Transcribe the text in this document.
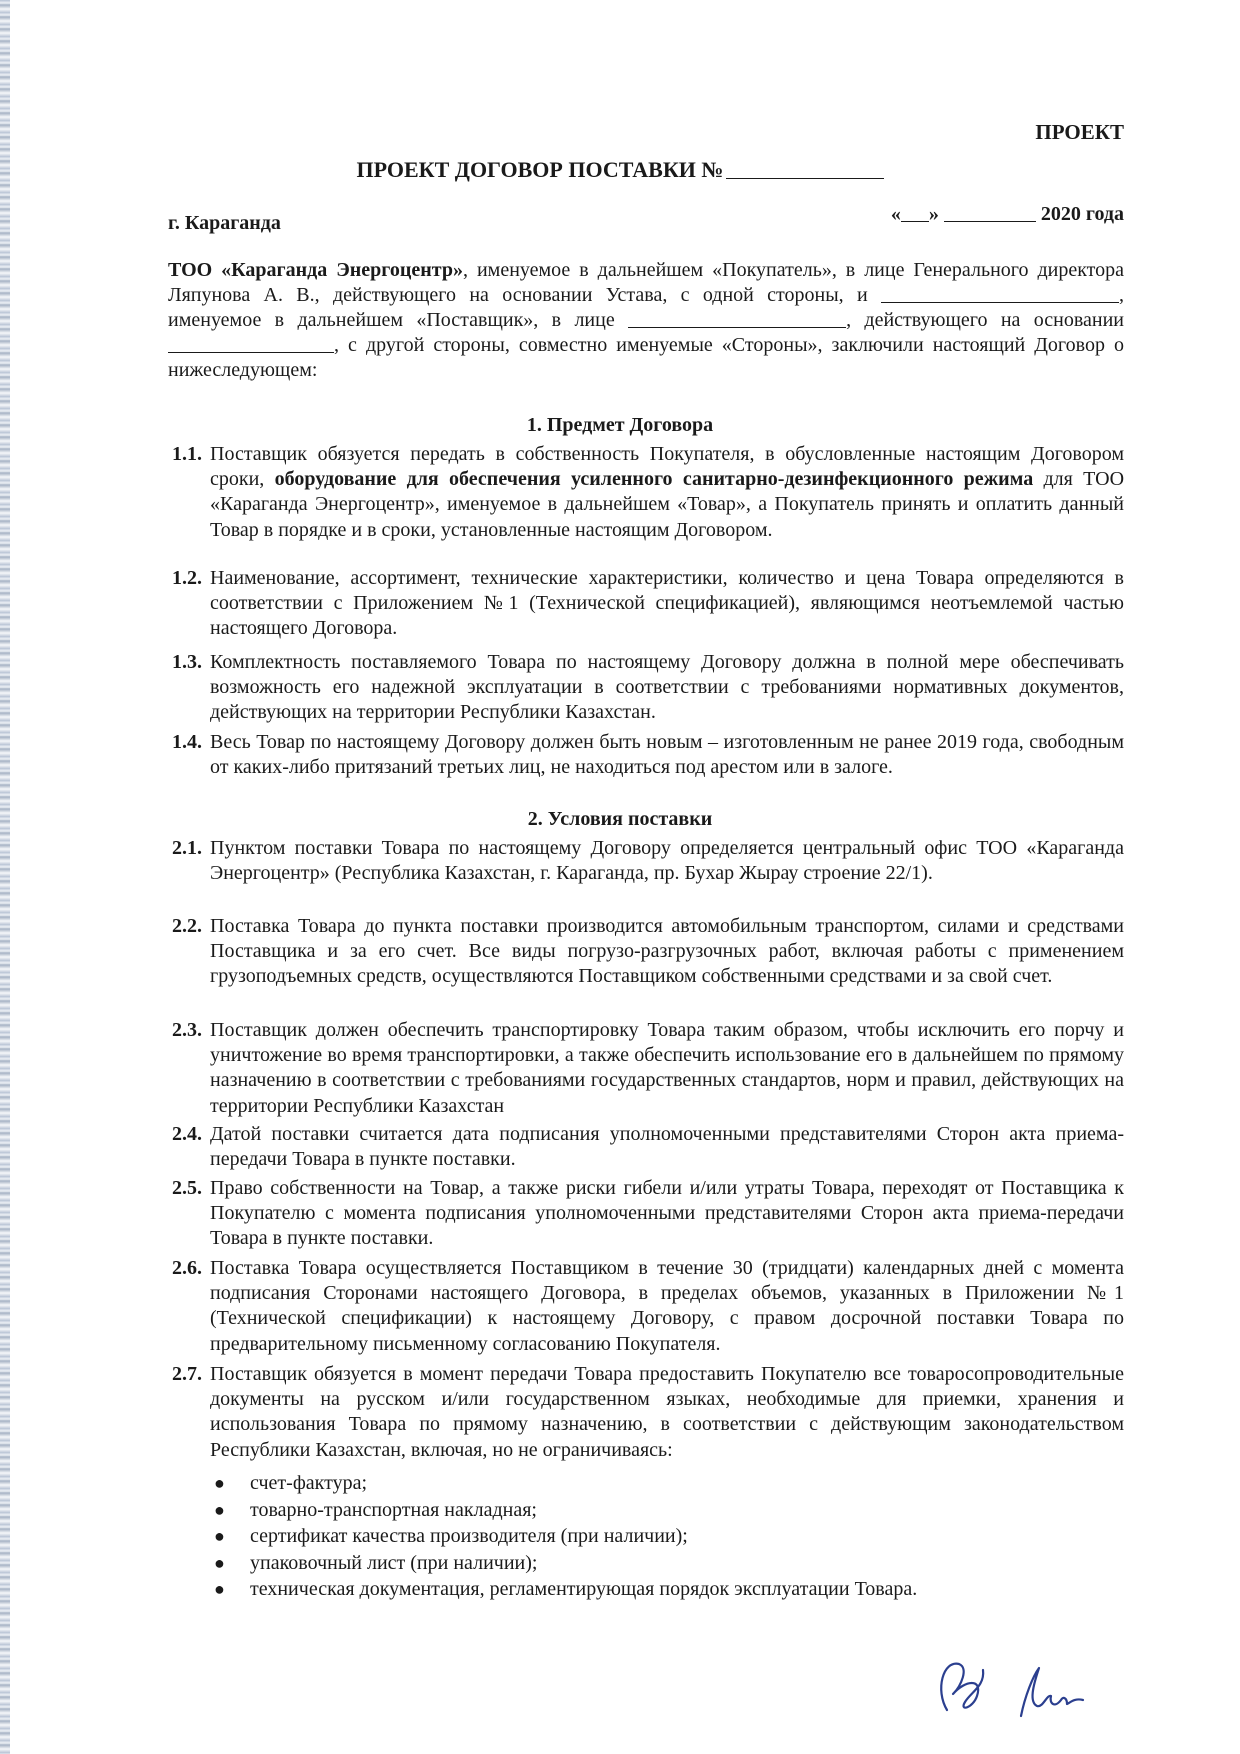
ПРОЕКТ
ПРОЕКТ ДОГОВОР ПОСТАВКИ №
г. Караганда	« »	2020 года
ТОО «Караганда Энергоцентр», именуемое в дальнейшем «Покупатель», в лице Генерального директора Ляпунова А. В., действующего на основании Устава, с одной стороны, и	, именуемое в дальнейшем «Поставщик», в лице	, действующего на основании , с другой стороны, совместно именуемые «Стороны», заключили настоящий Договор о нижеследующем:
1. Предмет Договора
1.1. Поставщик обязуется передать в собственность Покупателя, в обусловленные настоящим Договором сроки, оборудование для обеспечения усиленного санитарно-дезинфекционного режима для ТОО «Караганда Энергоцентр», именуемое в дальнейшем «Товар», а Покупатель принять и оплатить данный Товар в порядке и в сроки, установленные настоящим Договором.
1.2. Наименование, ассортимент, технические характеристики, количество и цена Товара определяются в соответствии с Приложением №1 (Технической спецификацией), являющимся неотъемлемой частью настоящего Договора.
1.3. Комплектность поставляемого Товара по настоящему Договору должна в полной мере обеспечивать возможность его надежной эксплуатации в соответствии с требованиями нормативных документов, действующих на территории Республики Казахстан.
1.4. Весь Товар по настоящему Договору должен быть новым – изготовленным не ранее 2019 года, свободным от каких-либо притязаний третьих лиц, не находиться под арестом или в залоге.
2. Условия поставки
2.1. Пунктом поставки Товара по настоящему Договору определяется центральный офис ТОО «Караганда Энергоцентр» (Республика Казахстан, г. Караганда, пр. Бухар Жырау строение 22/1).
2.2. Поставка Товара до пункта поставки производится автомобильным транспортом, силами и средствами Поставщика и за его счет. Все виды погрузо-разгрузочных работ, включая работы с применением грузоподъемных средств, осуществляются Поставщиком собственными средствами и за свой счет.
2.3. Поставщик должен обеспечить транспортировку Товара таким образом, чтобы исключить его порчу и уничтожение во время транспортировки, а также обеспечить использование его в дальнейшем по прямому назначению в соответствии с требованиями государственных стандартов, норм и правил, действующих на территории Республики Казахстан
2.4. Датой поставки считается дата подписания уполномоченными представителями Сторон акта приема-передачи Товара в пункте поставки.
2.5. Право собственности на Товар, а также риски гибели и/или утраты Товара, переходят от Поставщика к Покупателю с момента подписания уполномоченными представителями Сторон акта приема-передачи Товара в пункте поставки.
2.6. Поставка Товара осуществляется Поставщиком в течение 30 (тридцати) календарных дней с момента подписания Сторонами настоящего Договора, в пределах объемов, указанных в Приложении №1 (Технической спецификации) к настоящему Договору, с правом досрочной поставки Товара по предварительному письменному согласованию Покупателя.
2.7. Поставщик обязуется в момент передачи Товара предоставить Покупателю все товаросопроводительные документы на русском и/или государственном языках, необходимые для приемки, хранения и использования Товара по прямому назначению, в соответствии с действующим законодательством Республики Казахстан, включая, но не ограничиваясь:
● счет-фактура;
● товарно-транспортная накладная;
● сертификат качества производителя (при наличии);
● упаковочный лист (при наличии);
● техническая документация, регламентирующая порядок эксплуатации Товара.
